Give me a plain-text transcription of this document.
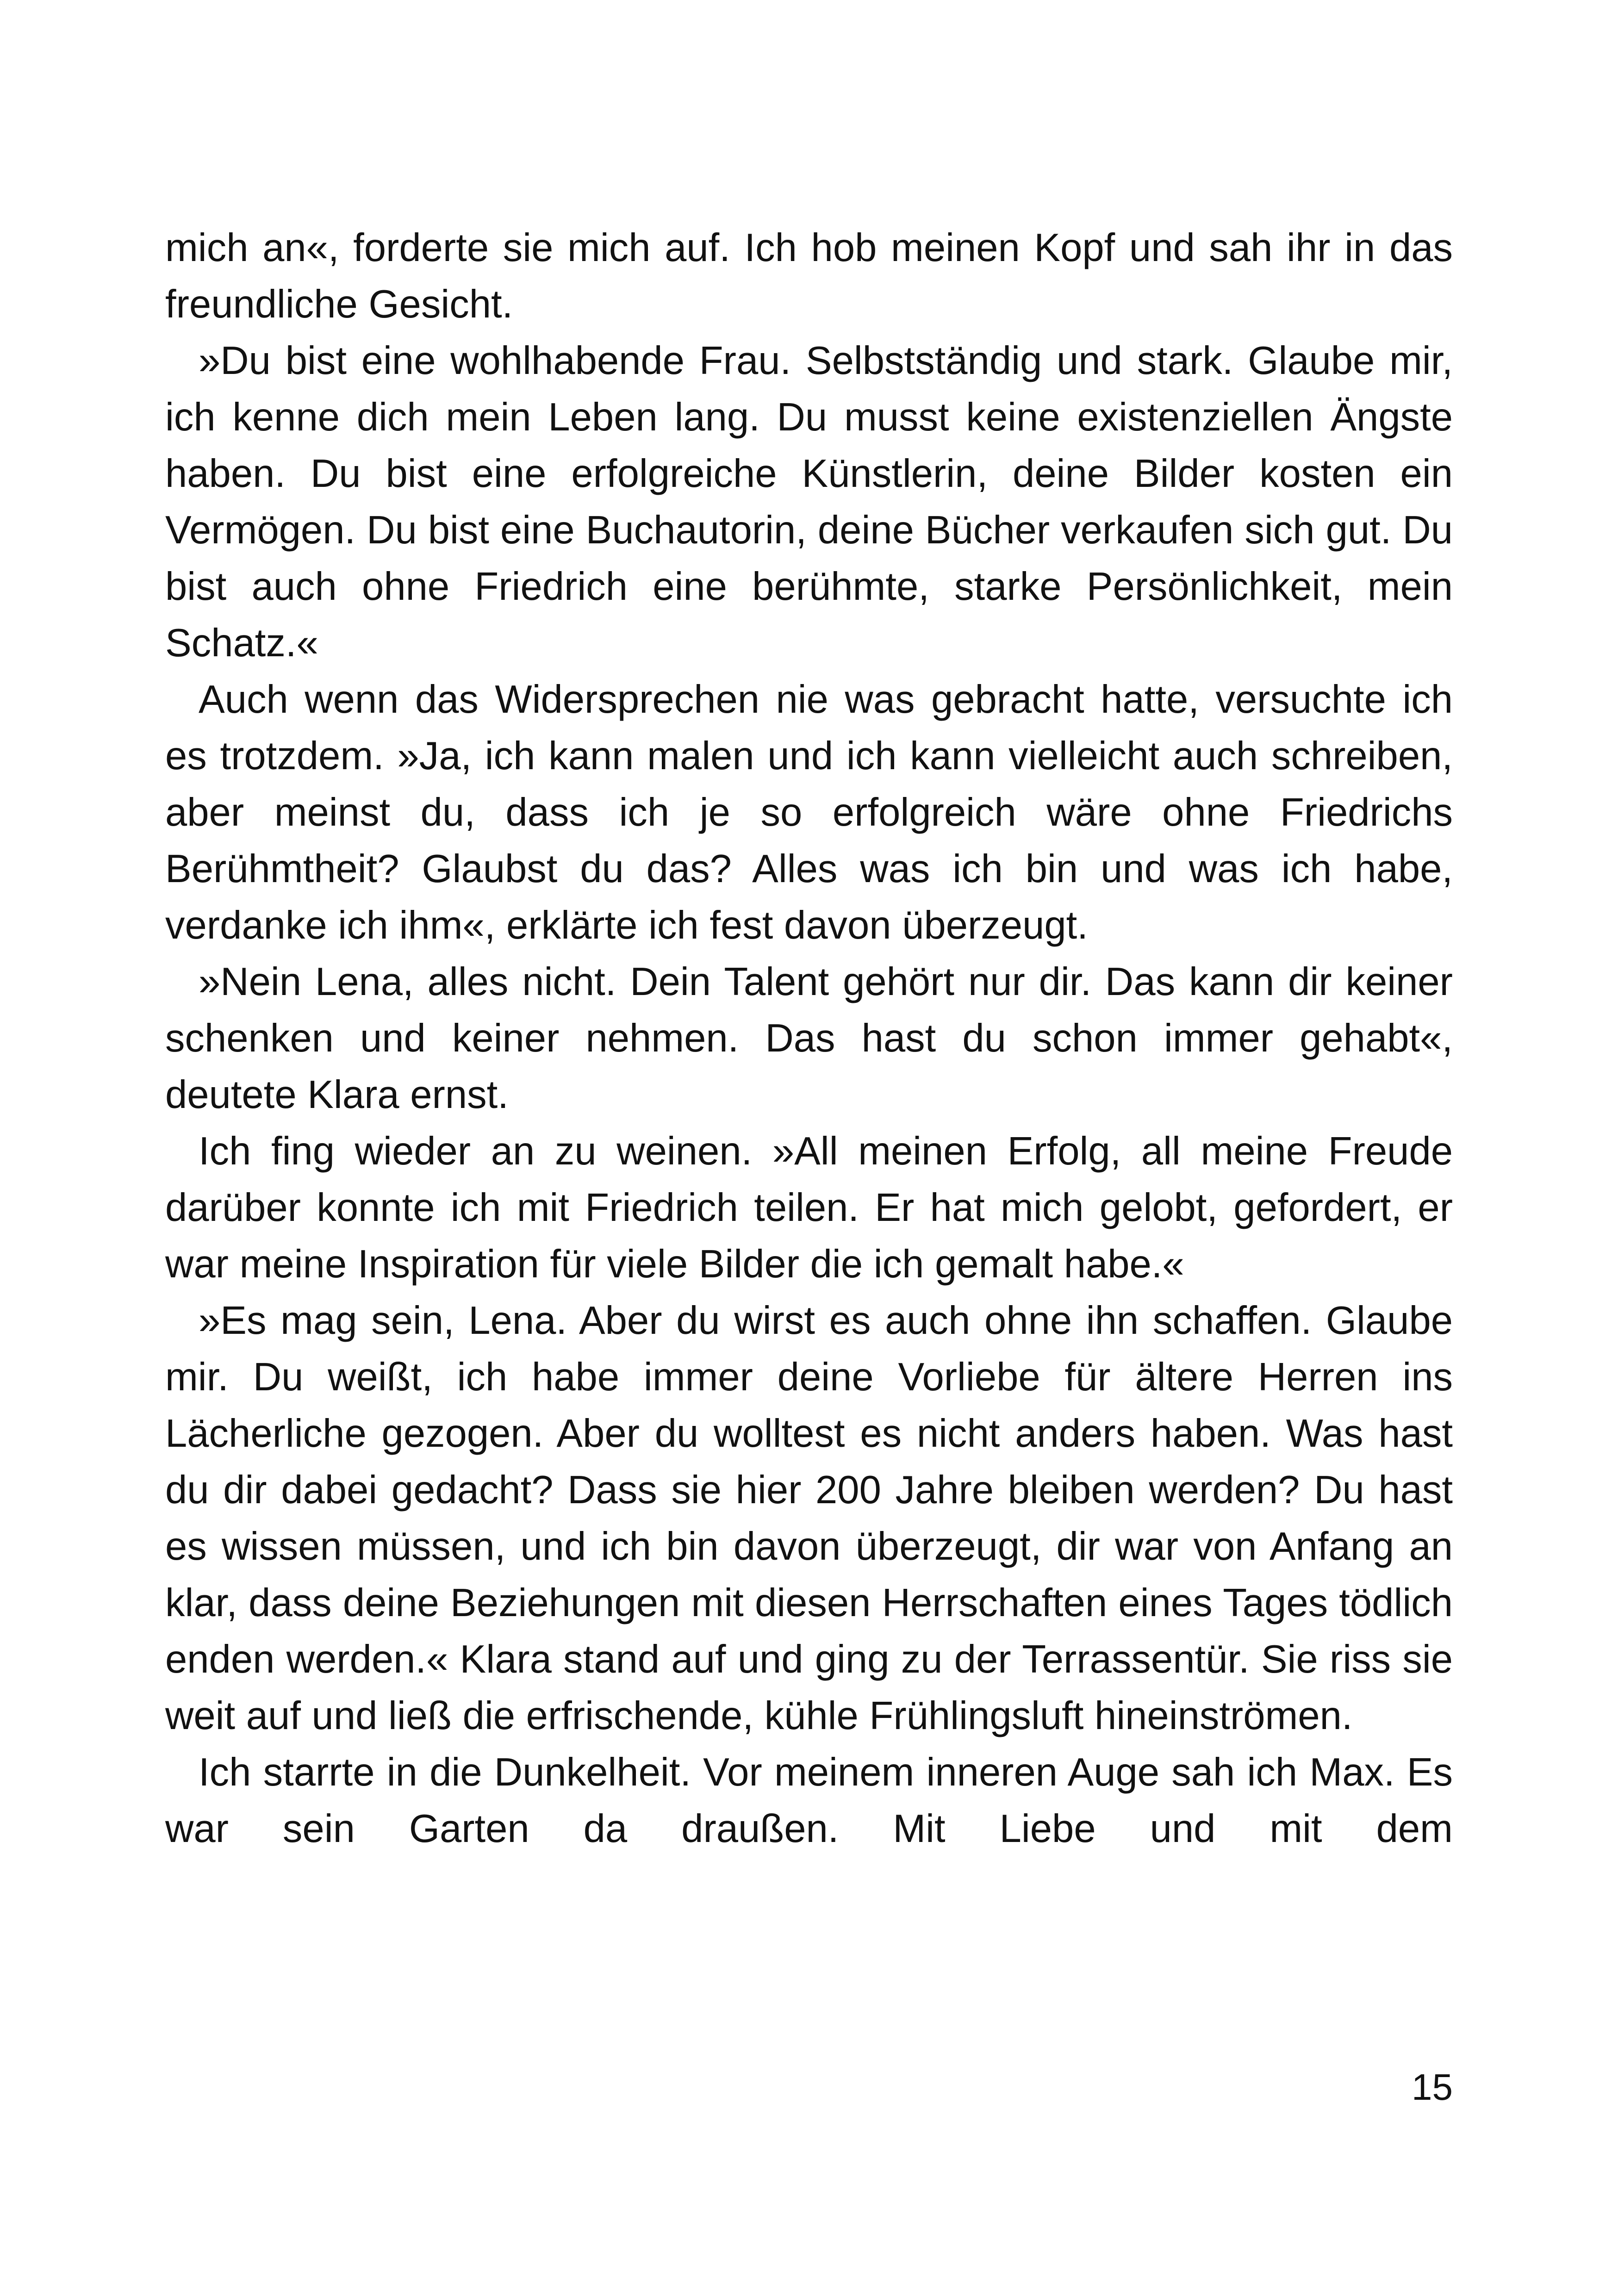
mich an«, forderte sie mich auf. Ich hob meinen Kopf und sah ihr in das freundliche Gesicht.

»Du bist eine wohlhabende Frau. Selbstständig und stark. Glaube mir, ich kenne dich mein Leben lang. Du musst keine existenziellen Ängste haben. Du bist eine erfolgreiche Künstlerin, deine Bilder kosten ein Vermögen. Du bist eine Buchautorin, deine Bücher verkaufen sich gut. Du bist auch ohne Friedrich eine berühmte, starke Persönlichkeit, mein Schatz.«

Auch wenn das Widersprechen nie was gebracht hatte, versuchte ich es trotzdem. »Ja, ich kann malen und ich kann vielleicht auch schreiben, aber meinst du, dass ich je so erfolgreich wäre ohne Friedrichs Berühmtheit? Glaubst du das? Alles was ich bin und was ich habe, verdanke ich ihm«, erklärte ich fest davon überzeugt.

»Nein Lena, alles nicht. Dein Talent gehört nur dir. Das kann dir keiner schenken und keiner nehmen. Das hast du schon immer gehabt«, deutete Klara ernst.

Ich fing wieder an zu weinen. »All meinen Erfolg, all meine Freude darüber konnte ich mit Friedrich teilen. Er hat mich gelobt, gefordert, er war meine Inspiration für viele Bilder die ich gemalt habe.«

»Es mag sein, Lena. Aber du wirst es auch ohne ihn schaffen. Glaube mir. Du weißt, ich habe immer deine Vorliebe für ältere Herren ins Lächerliche gezogen. Aber du wolltest es nicht anders haben. Was hast du dir dabei gedacht? Dass sie hier 200 Jahre bleiben werden? Du hast es wissen müssen, und ich bin davon überzeugt, dir war von Anfang an klar, dass deine Beziehungen mit diesen Herrschaften eines Tages tödlich enden werden.« Klara stand auf und ging zu der Terrassentür. Sie riss sie weit auf und ließ die erfrischende, kühle Frühlingsluft hineinströmen.

Ich starrte in die Dunkelheit. Vor meinem inneren Auge sah ich Max. Es war sein Garten da draußen. Mit Liebe und mit dem

15
